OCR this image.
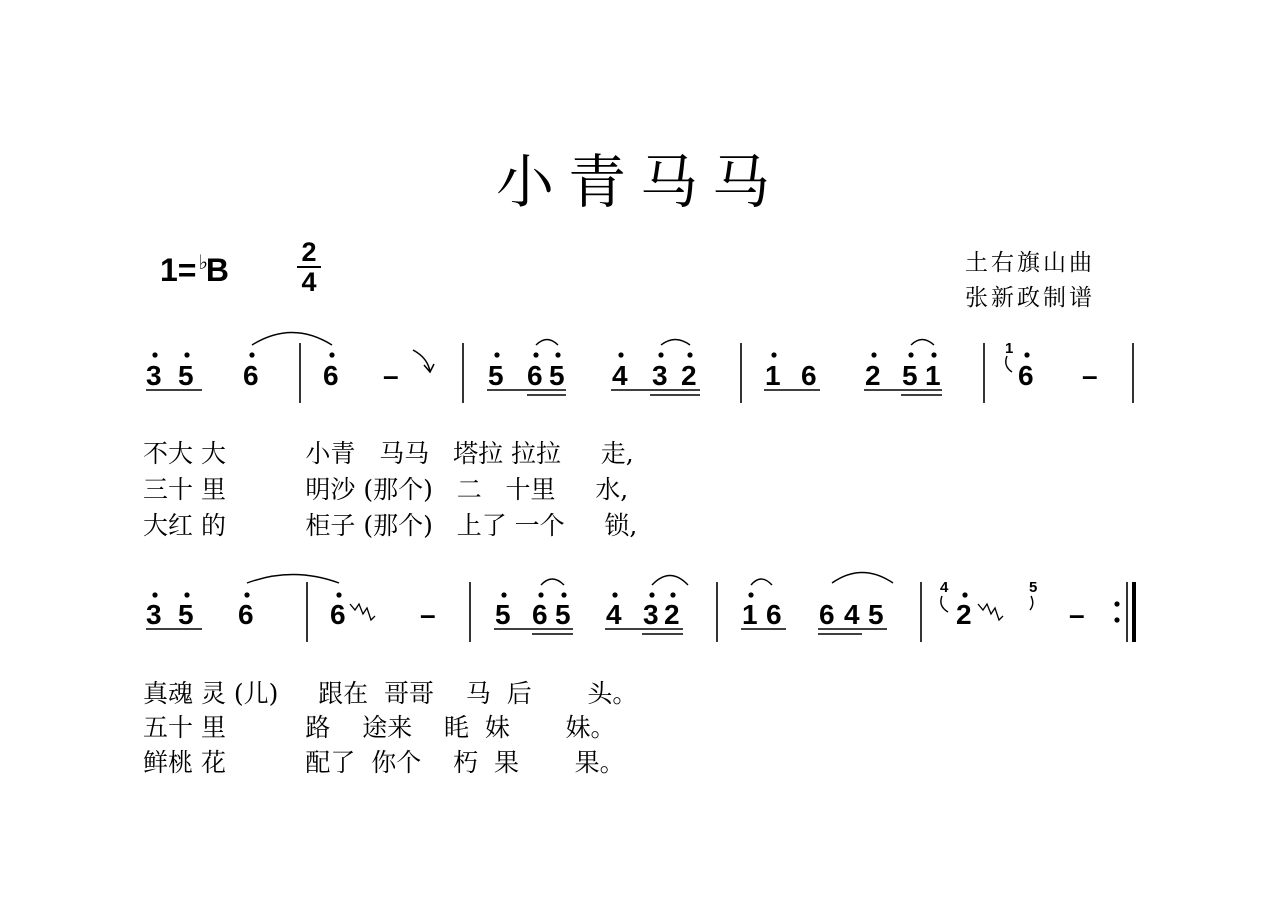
小青马马
1= ♭B	2
4
土右旗山曲
张新政制谱
3 5 6 6 –	5 6 5 4 3 2 1 6 2 5 1	6 –
1
3 5 6	6	– 5 6 5 4 3 2 1 6 6 4 5	2	–
4	5
不大 大          小青   马马   塔拉 拉拉     走,
三十 里          明沙 (那个)   二   十里     水,
大红 的          柜子 (那个)   上了 一个     锁,
真魂 灵 (儿)     跟在  哥哥    马  后       头。
五十 里          路    途来    眊  妹       妹。
鲜桃 花          配了  你个    朽  果       果。
